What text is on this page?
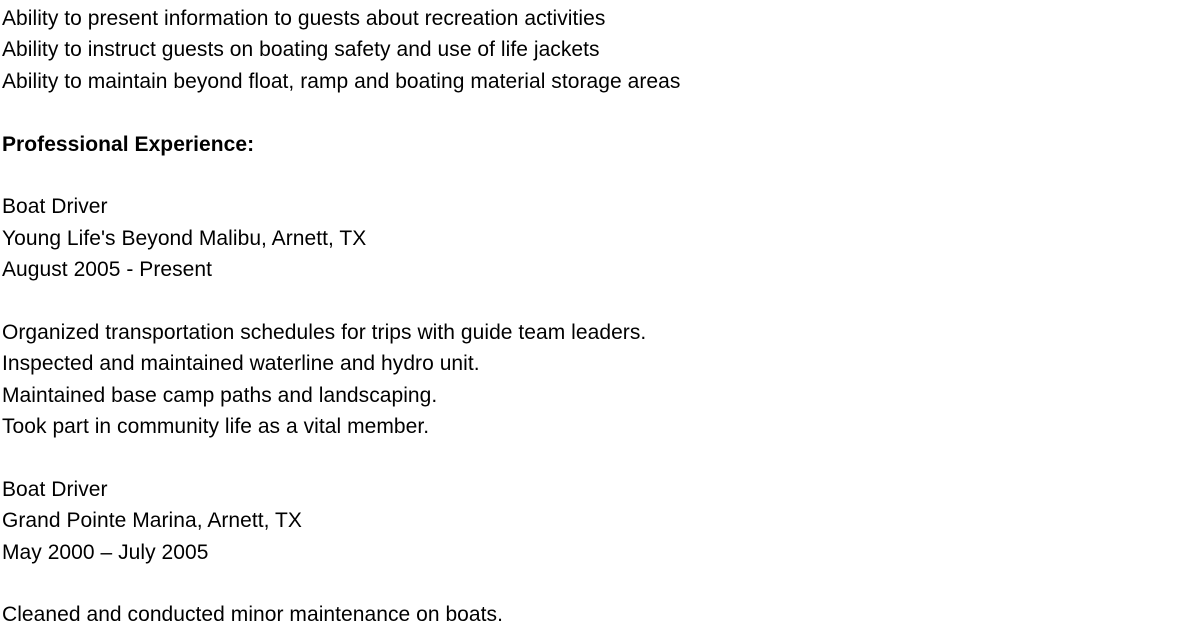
Ability to present information to guests about recreation activities
Ability to instruct guests on boating safety and use of life jackets
Ability to maintain beyond float, ramp and boating material storage areas
Professional Experience:
Boat Driver
Young Life's Beyond Malibu, Arnett, TX
August 2005 - Present
Organized transportation schedules for trips with guide team leaders.
Inspected and maintained waterline and hydro unit.
Maintained base camp paths and landscaping.
Took part in community life as a vital member.
Boat Driver
Grand Pointe Marina, Arnett, TX
May 2000 – July 2005
Cleaned and conducted minor maintenance on boats.
